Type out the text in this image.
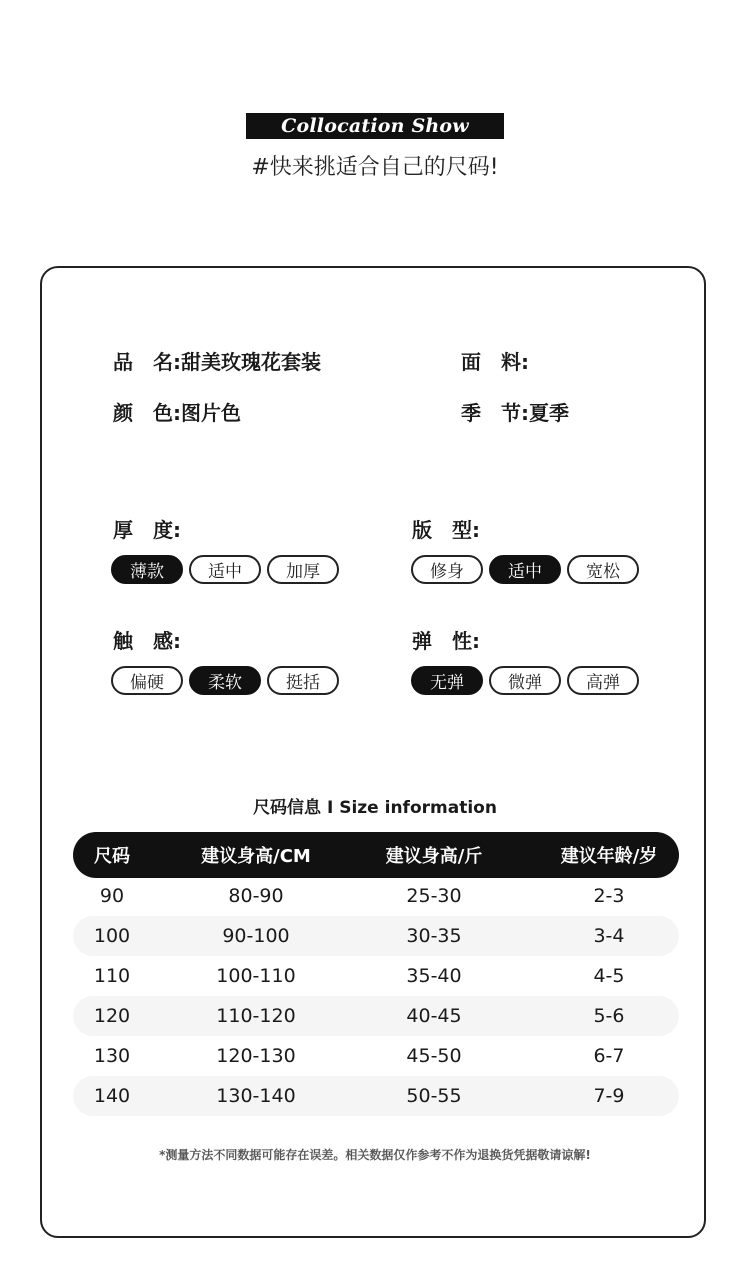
Collocation Show
#快来挑适合自己的尺码!
品　名:甜美玫瑰花套装	面　料:
颜　色:图片色	季　节:夏季
厚　度:
薄款	适中	加厚
版　型:
修身	适中	宽松
触　感:
偏硬	柔软	挺括
弹　性:
无弹	微弹	高弹
尺码信息 I Size information
尺码	建议身高/CM	建议身高/斤	建议年龄/岁
90	80-90	25-30	2-3
100	90-100	30-35	3-4
110	100-110	35-40	4-5
120	110-120	40-45	5-6
130	120-130	45-50	6-7
140	130-140	50-55	7-9
*测量方法不同数据可能存在误差。相关数据仅作参考不作为退换货凭据敬请谅解!
